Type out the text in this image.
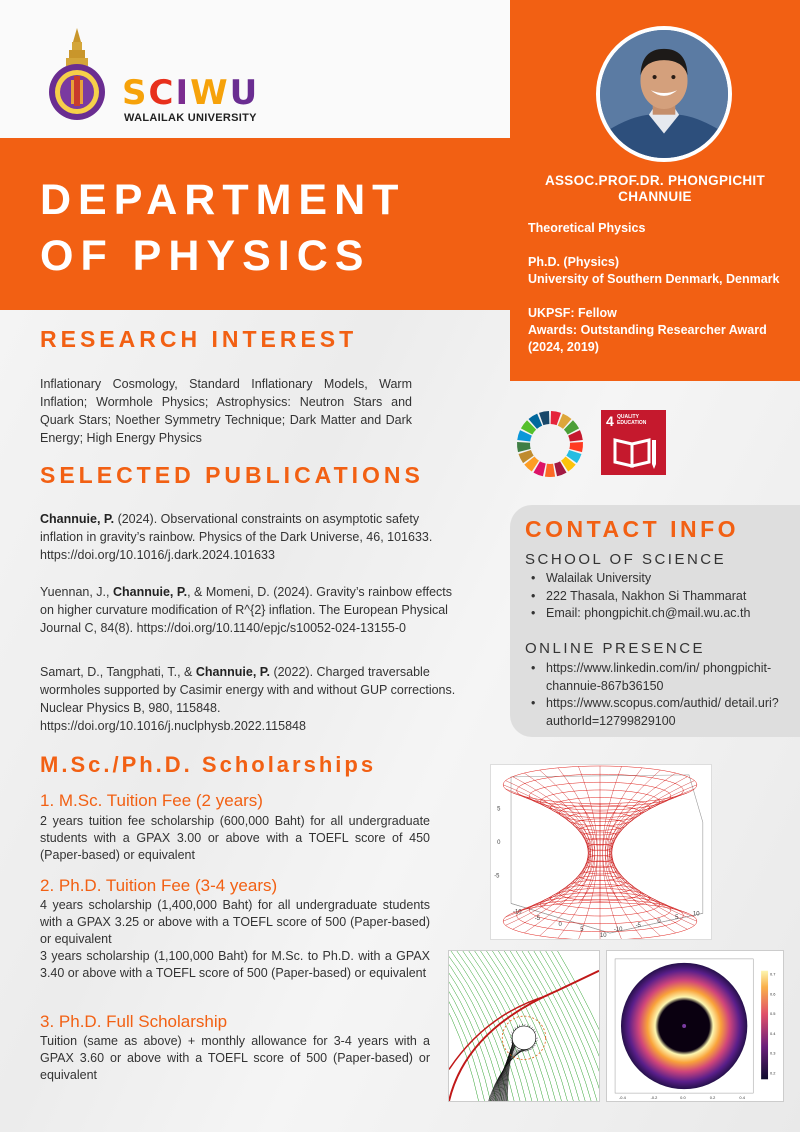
SCIWU
WALAILAK UNIVERSITY
DEPARTMENT
OF PHYSICS
ASSOC.PROF.DR. PHONGPICHIT CHANNUIE
Theoretical Physics
Ph.D. (Physics)
University of Southern Denmark, Denmark
UKPSF: Fellow
Awards: Outstanding Researcher Award (2024, 2019)
4 QUALITY
EDUCATION
RESEARCH INTEREST
Inflationary Cosmology, Standard Inflationary Models, Warm Inflation; Wormhole Physics; Astrophysics: Neutron Stars and Quark Stars; Noether Symmetry Technique; Dark Matter and Dark Energy; High Energy Physics
SELECTED PUBLICATIONS
Channuie, P. (2024). Observational constraints on asymptotic safety inflation in gravity’s rainbow. Physics of the Dark Universe, 46, 101633. https://doi.org/10.1016/j.dark.2024.101633
Yuennan, J., Channuie, P., & Momeni, D. (2024). Gravity’s rainbow effects on higher curvature modification of R^{2} inflation. The European Physical Journal C, 84(8). https://doi.org/10.1140/epjc/s10052-024-13155-0
Samart, D., Tangphati, T., & Channuie, P. (2022). Charged traversable wormholes supported by Casimir energy with and without GUP corrections. Nuclear Physics B, 980, 115848. https://doi.org/10.1016/j.nuclphysb.2022.115848
CONTACT INFO
SCHOOL OF SCIENCE
• Walailak University
• 222 Thasala, Nakhon Si Thammarat
• Email: phongpichit.ch@mail.wu.ac.th
ONLINE PRESENCE
• https://www.linkedin.com/in/ phongpichit-channuie-867b36150
• https://www.scopus.com/authid/ detail.uri?authorId=12799829100
M.Sc./Ph.D. Scholarships
1. M.Sc. Tuition Fee (2 years)
2 years tuition fee scholarship (600,000 Baht) for all undergraduate students with a GPAX 3.00 or above with a TOEFL score of 450 (Paper-based) or equivalent
2. Ph.D. Tuition Fee (3-4 years)
4 years scholarship (1,400,000 Baht) for all undergraduate students with a GPAX 3.25 or above with a TOEFL score of 500 (Paper-based) or equivalent
3 years scholarship (1,100,000 Baht) for M.Sc. to Ph.D. with a GPAX 3.40 or above with a TOEFL score of 500 (Paper-based) or equivalent
3. Ph.D. Full Scholarship
Tuition (same as above) + monthly allowance for 3-4 years with a GPAX 3.60 or above with a TOEFL score of 500 (Paper-based) or equivalent
5
0
-5
-10
-5
0
5
10
-10
-5
0
5
10
0.7
0.6
0.5
0.4
0.3
0.2
-0.4	-0.2	0.0	0.2	0.4
